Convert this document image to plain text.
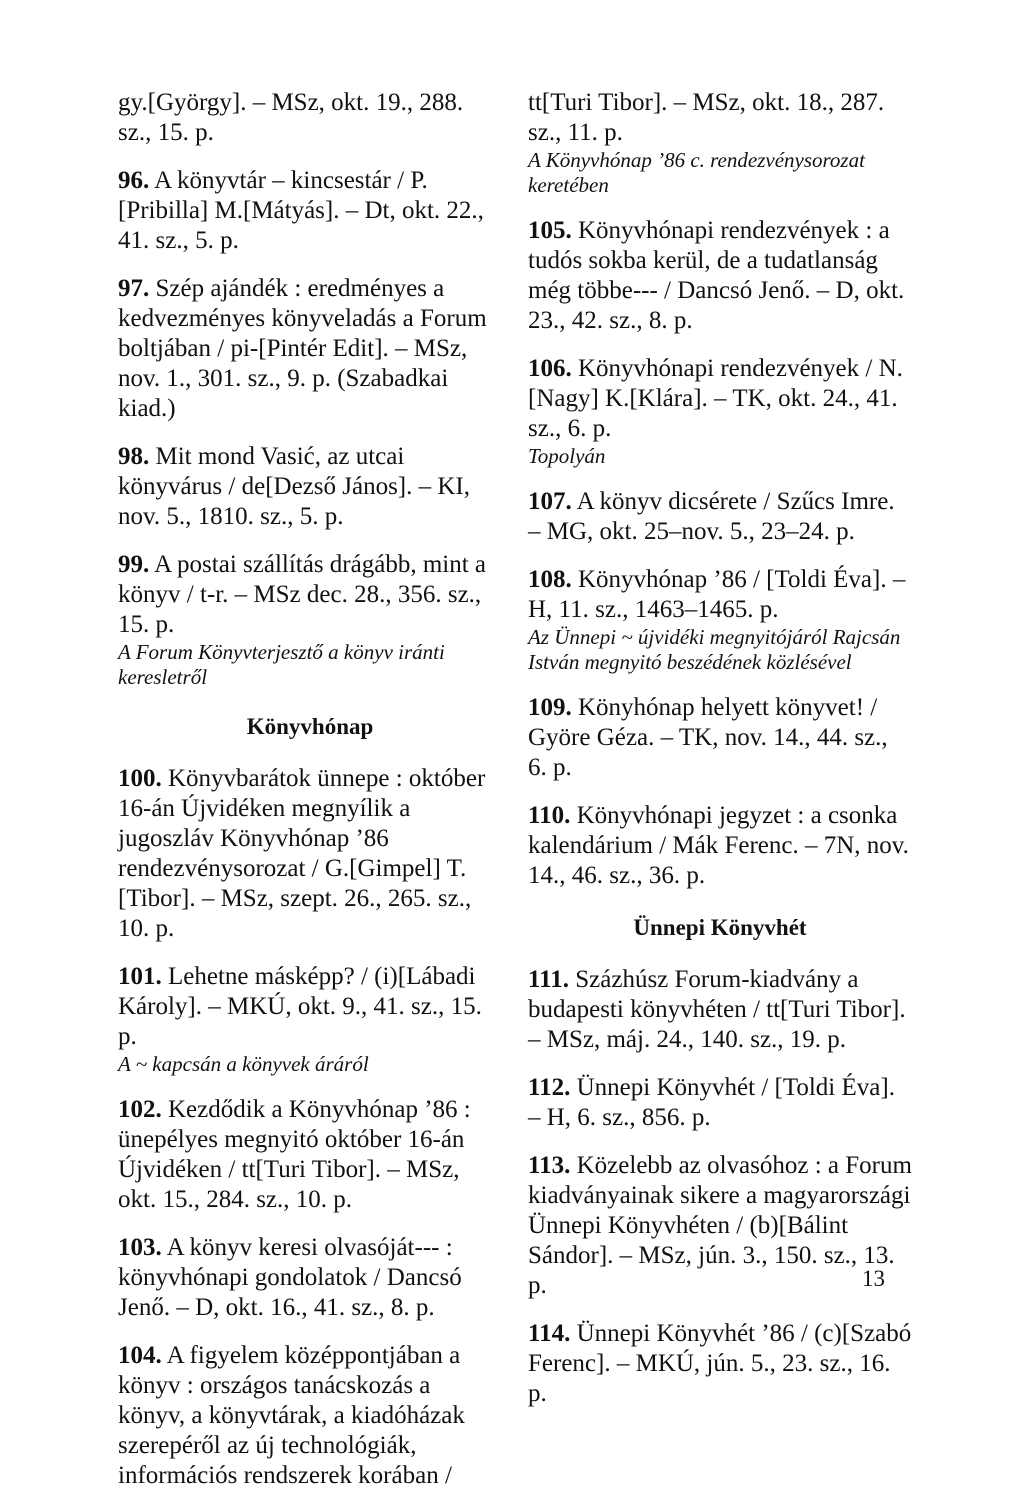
gy.[György]. – MSz, okt. 19., 288. sz., 15. p.

96. A könyvtár – kincsestár / P.[Pribilla] M.[Mátyás]. – Dt, okt. 22., 41. sz., 5. p.

97. Szép ajándék : eredményes a kedvezményes könyveladás a Forum boltjában / pi-[Pintér Edit]. – MSz, nov. 1., 301. sz., 9. p. (Szabadkai kiad.)

98. Mit mond Vasić, az utcai könyvárus / de[Dezső János]. – KI, nov. 5., 1810. sz., 5. p.

99. A postai szállítás drágább, mint a könyv / t-r. – MSz dec. 28., 356. sz., 15. p.

A Forum Könyvterjesztő a könyv iránti keresletről
Könyvhónap

100. Könyvbarátok ünnepe : október 16-án Újvidéken megnyílik a jugoszláv Könyvhónap ’86 rendezvénysorozat / G.[Gimpel] T.[Tibor]. – MSz, szept. 26., 265. sz., 10. p.

101. Lehetne másképp? / (i)[Lábadi Károly]. – MKÚ, okt. 9., 41. sz., 15. p.

A ~ kapcsán a könyvek áráról

102. Kezdődik a Könyvhónap ’86 : ünepélyes megnyitó október 16-án Újvidéken / tt[Turi Tibor]. – MSz, okt. 15., 284. sz., 10. p.

103. A könyv keresi olvasóját--- : könyvhónapi gondolatok / Dancsó Jenő. – D, okt. 16., 41. sz., 8. p.

104. A figyelem középpontjában a könyv : országos tanácskozás a könyv, a könyvtárak, a kiadóházak szerepéről az új technológiák, információs rendszerek korában /

tt[Turi Tibor]. – MSz, okt. 18., 287. sz., 11. p.

A Könyvhónap ’86 c. rendezvénysorozat keretében

105. Könyvhónapi rendezvények : a tudós sokba kerül, de a tudatlanság még többe--- / Dancsó Jenő. – D, okt. 23., 42. sz., 8. p.

106. Könyvhónapi rendezvények / N.[Nagy] K.[Klára]. – TK, okt. 24., 41. sz., 6. p.

Topolyán

107. A könyv dicsérete / Szűcs Imre. – MG, okt. 25–nov. 5., 23–24. p.

108. Könyvhónap ’86 / [Toldi Éva]. – H, 11. sz., 1463–1465. p.

Az Ünnepi ~ újvidéki megnyitójáról Rajcsán István megnyitó beszédének közlésével

109. Könyhónap helyett könyvet! / Györe Géza. – TK, nov. 14., 44. sz., 6. p.

110. Könyvhónapi jegyzet : a csonka kalendárium / Mák Ferenc. – 7N, nov. 14., 46. sz., 36. p.

Ünnepi Könyvhét

111. Százhúsz Forum-kiadvány a budapesti könyvhéten / tt[Turi Tibor]. – MSz, máj. 24., 140. sz., 19. p.

112. Ünnepi Könyvhét / [Toldi Éva]. – H, 6. sz., 856. p.

113. Közelebb az olvasóhoz : a Forum kiadványainak sikere a magyarországi Ünnepi Könyvhéten / (b)[Bálint Sándor]. – MSz, jún. 3., 150. sz., 13. p.

114. Ünnepi Könyvhét ’86 / (c)[Szabó Ferenc]. – MKÚ, jún. 5., 23. sz., 16. p.

13
